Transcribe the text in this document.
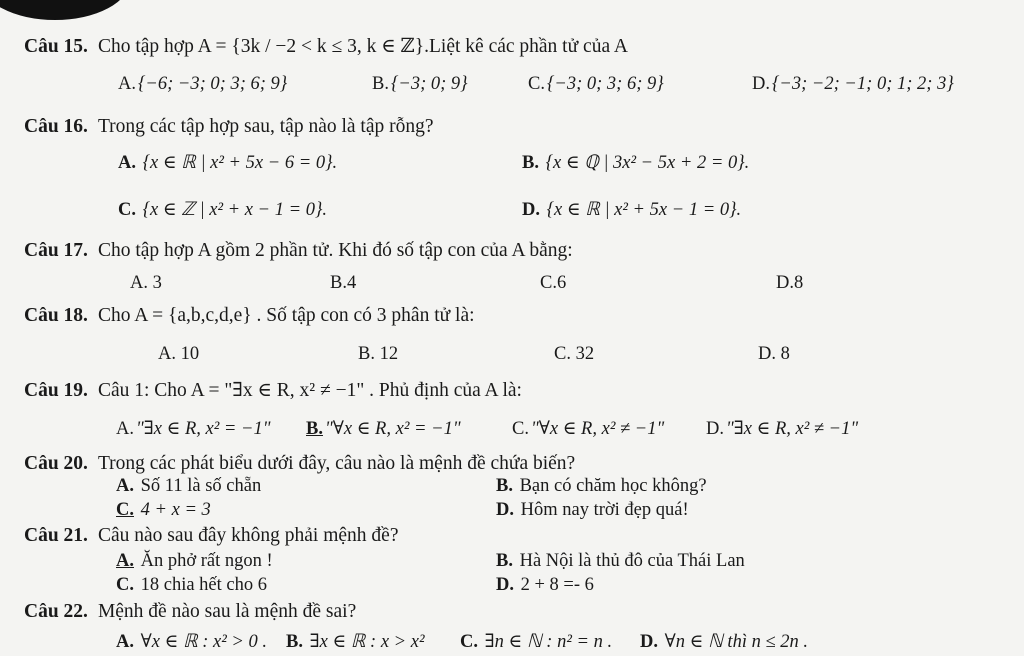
Câu 15. Cho tập hợp A = {3k / −2 < k ≤ 3, k ∈ ℤ}.Liệt kê các phần tử của A
A. {−6; −3; 0; 3; 6; 9}	B. {−3; 0; 9}	C. {−3; 0; 3; 6; 9}	D. {−3; −2; −1; 0; 1; 2; 3}
Câu 16. Trong các tập hợp sau, tập nào là tập rỗng?
A. {x ∈ ℝ | x² + 5x − 6 = 0}.	B. {x ∈ ℚ | 3x² − 5x + 2 = 0}.
C. {x ∈ ℤ | x² + x − 1 = 0}.	D. {x ∈ ℝ | x² + 5x − 1 = 0}.
Câu 17. Cho tập hợp A gồm 2 phần tử. Khi đó số tập con của A bằng:
A. 3	B.4	C.6	D.8
Câu 18. Cho A = {a,b,c,d,e} . Số tập con có 3 phân tử là:
A. 10	B. 12	C. 32	D. 8
Câu 19. Câu 1: Cho A = "∃x ∈ R, x² ≠ −1" . Phủ định của A là:
A. "∃x ∈ R, x² = −1" B. "∀x ∈ R, x² = −1"	C. "∀x ∈ R, x² ≠ −1" D. "∃x ∈ R, x² ≠ −1"
Câu 20. Trong các phát biểu dưới đây, câu nào là mệnh đề chứa biến?
A. Số 11 là số chẵn	B. Bạn có chăm học không?
C. 4 + x = 3	D. Hôm nay trời đẹp quá!
Câu 21. Câu nào sau đây không phải mệnh đề?
A. Ăn phở rất ngon !	B. Hà Nội là thủ đô của Thái Lan
C. 18 chia hết cho 6	D. 2 + 8 =- 6
Câu 22. Mệnh đề nào sau là mệnh đề sai?
A. ∀x ∈ ℝ : x² > 0 . B. ∃x ∈ ℝ : x > x² C. ∃n ∈ ℕ : n² = n . D. ∀n ∈ ℕ thì n ≤ 2n .
